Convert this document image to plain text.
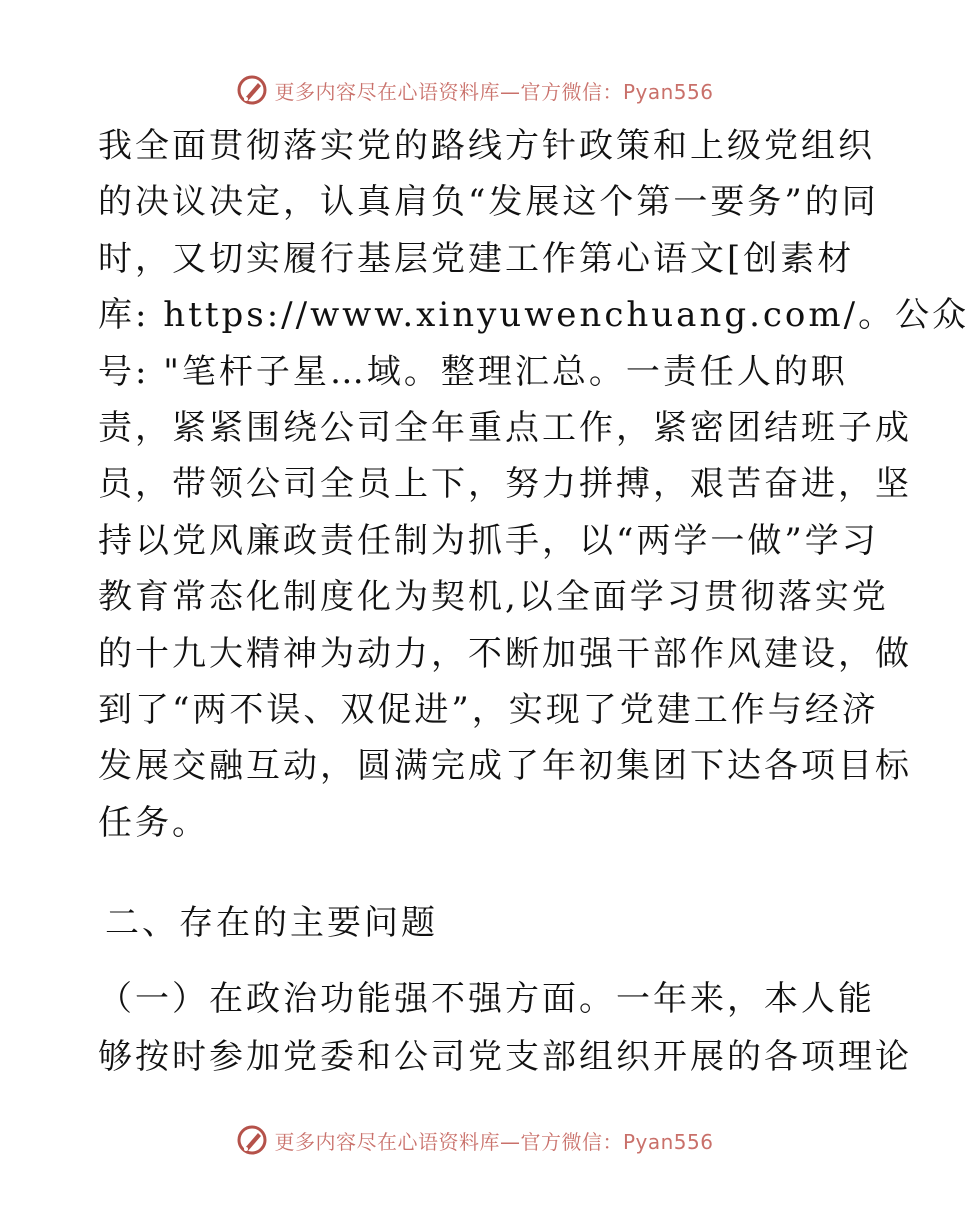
更多内容尽在心语资料库—官方微信：Pyan556
我全面贯彻落实党的路线方针政策和上级党组织
的决议决定，认真肩负“发展这个第一要务”的同
时，又切实履行基层党建工作第心语文[创素材
库: https://www.xinyuwenchuang.com/。公众
号: "笔杆子星…域。整理汇总。一责任人的职
责，紧紧围绕公司全年重点工作，紧密团结班子成
员，带领公司全员上下，努力拼搏，艰苦奋进，坚
持以党风廉政责任制为抓手，以“两学一做”学习
教育常态化制度化为契机,以全面学习贯彻落实党
的十九大精神为动力，不断加强干部作风建设，做
到了“两不误、双促进”，实现了党建工作与经济
发展交融互动，圆满完成了年初集团下达各项目标
任务。
二、存在的主要问题
（一）在政治功能强不强方面。一年来，本人能
够按时参加党委和公司党支部组织开展的各项理论
更多内容尽在心语资料库—官方微信：Pyan556
